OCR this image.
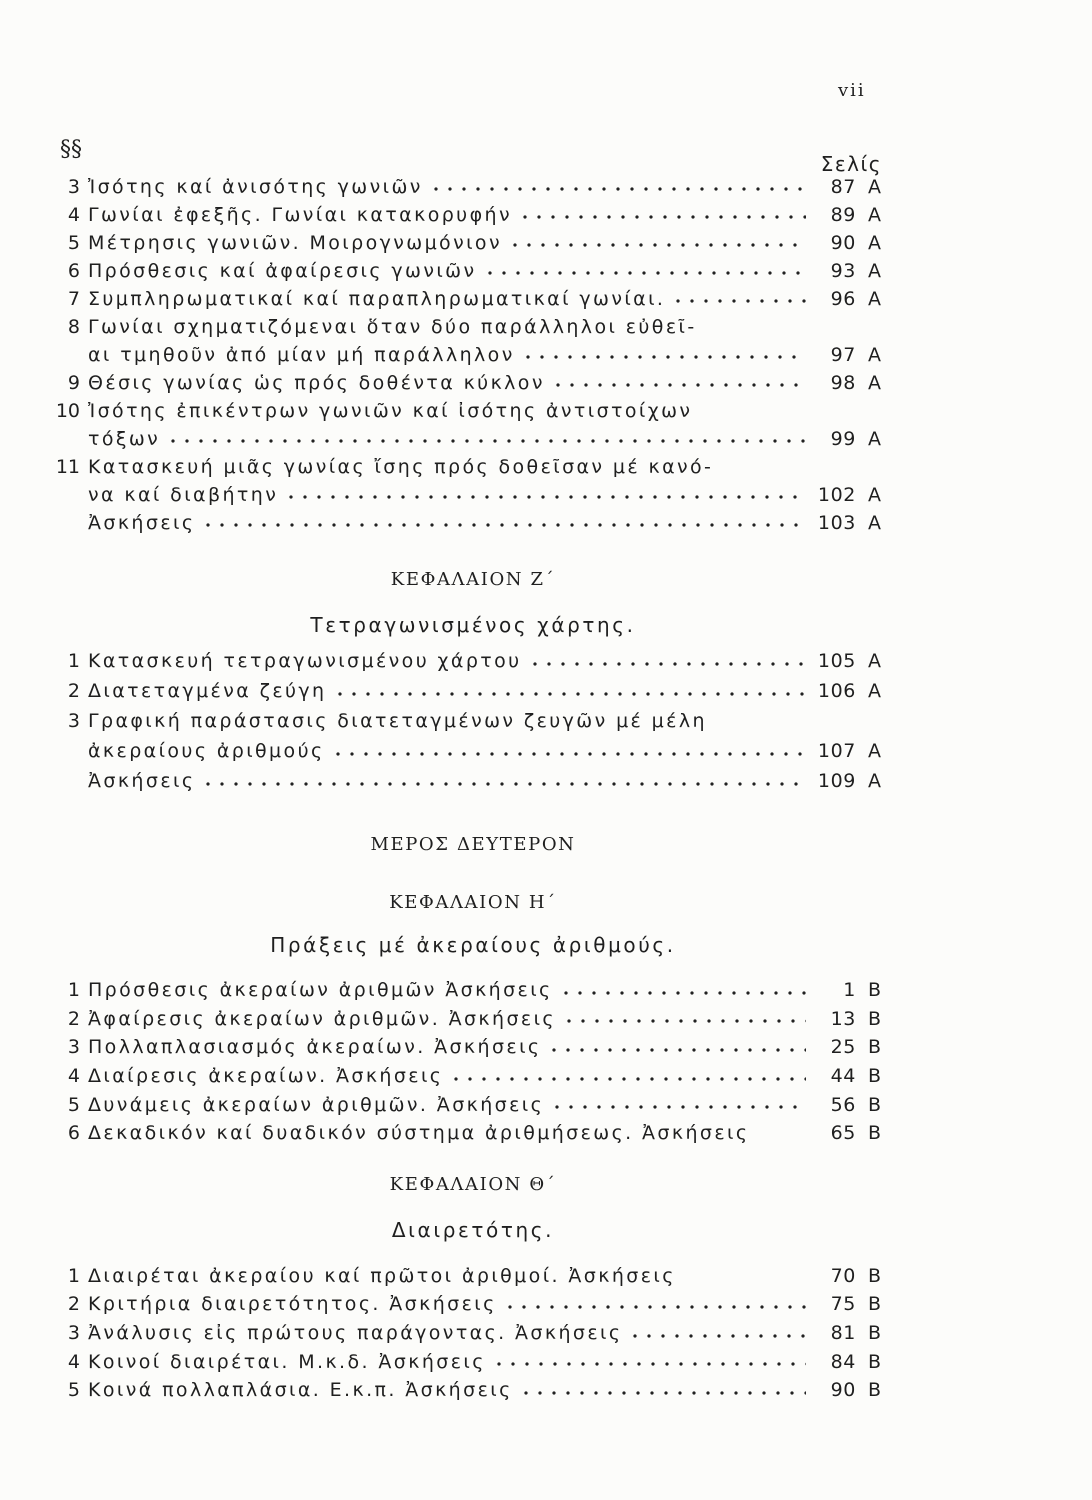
vii
§§
Σελίς
3 Ἰσότης καί ἀνισότης γωνιῶν	87 Α
4 Γωνίαι ἐφεξῆς. Γωνίαι κατακορυφήν	89 Α
5 Μέτρησις γωνιῶν. Μοιρογνωμόνιον	90 Α
6 Πρόσθεσις καί ἀφαίρεσις γωνιῶν	93 Α
7 Συμπληρωματικαί καί παραπληρωματικαί γωνίαι.	96 Α
8 Γωνίαι σχηματιζόμεναι ὅταν δύο παράλληλοι εὐθεῖ-
αι τμηθοῦν ἀπό μίαν μή παράλληλον	97 Α
9 Θέσις γωνίας ὡς πρός δοθέντα κύκλον	98 Α
10 Ἰσότης ἐπικέντρων γωνιῶν καί ἰσότης ἀντιστοίχων
τόξων	99 Α
11 Κατασκευή μιᾶς γωνίας ἴσης πρός δοθεῖσαν μέ κανό-
να καί διαβήτην	102 Α
Ἀσκήσεις	103 Α
ΚΕΦΑΛΑΙΟΝ Ζ΄
Τετραγωνισμένος χάρτης.
1 Κατασκευή τετραγωνισμένου χάρτου	105 Α
2 Διατεταγμένα ζεύγη	106 Α
3 Γραφική παράστασις διατεταγμένων ζευγῶν μέ μέλη
ἀκεραίους ἀριθμούς	107 Α
Ἀσκήσεις	109 Α
ΜΕΡΟΣ ΔΕΥΤΕΡΟΝ
ΚΕΦΑΛΑΙΟΝ Η΄
Πράξεις μέ ἀκεραίους ἀριθμούς.
1 Πρόσθεσις ἀκεραίων ἀριθμῶν Ἀσκήσεις	1 Β
2 Ἀφαίρεσις ἀκεραίων ἀριθμῶν. Ἀσκήσεις	13 Β
3 Πολλαπλασιασμός ἀκεραίων. Ἀσκήσεις	25 Β
4 Διαίρεσις ἀκεραίων. Ἀσκήσεις	44 Β
5 Δυνάμεις ἀκεραίων ἀριθμῶν. Ἀσκήσεις	56 Β
6 Δεκαδικόν καί δυαδικόν σύστημα ἀριθμήσεως. Ἀσκήσεις	65 Β
ΚΕΦΑΛΑΙΟΝ Θ΄
Διαιρετότης.
1 Διαιρέται ἀκεραίου καί πρῶτοι ἀριθμοί. Ἀσκήσεις	70 Β
2 Κριτήρια διαιρετότητος. Ἀσκήσεις	75 Β
3 Ἀνάλυσις εἰς πρώτους παράγοντας. Ἀσκήσεις	81 Β
4 Κοινοί διαιρέται. Μ.κ.δ. Ἀσκήσεις	84 Β
5 Κοινά πολλαπλάσια. Ε.κ.π. Ἀσκήσεις	90 Β
